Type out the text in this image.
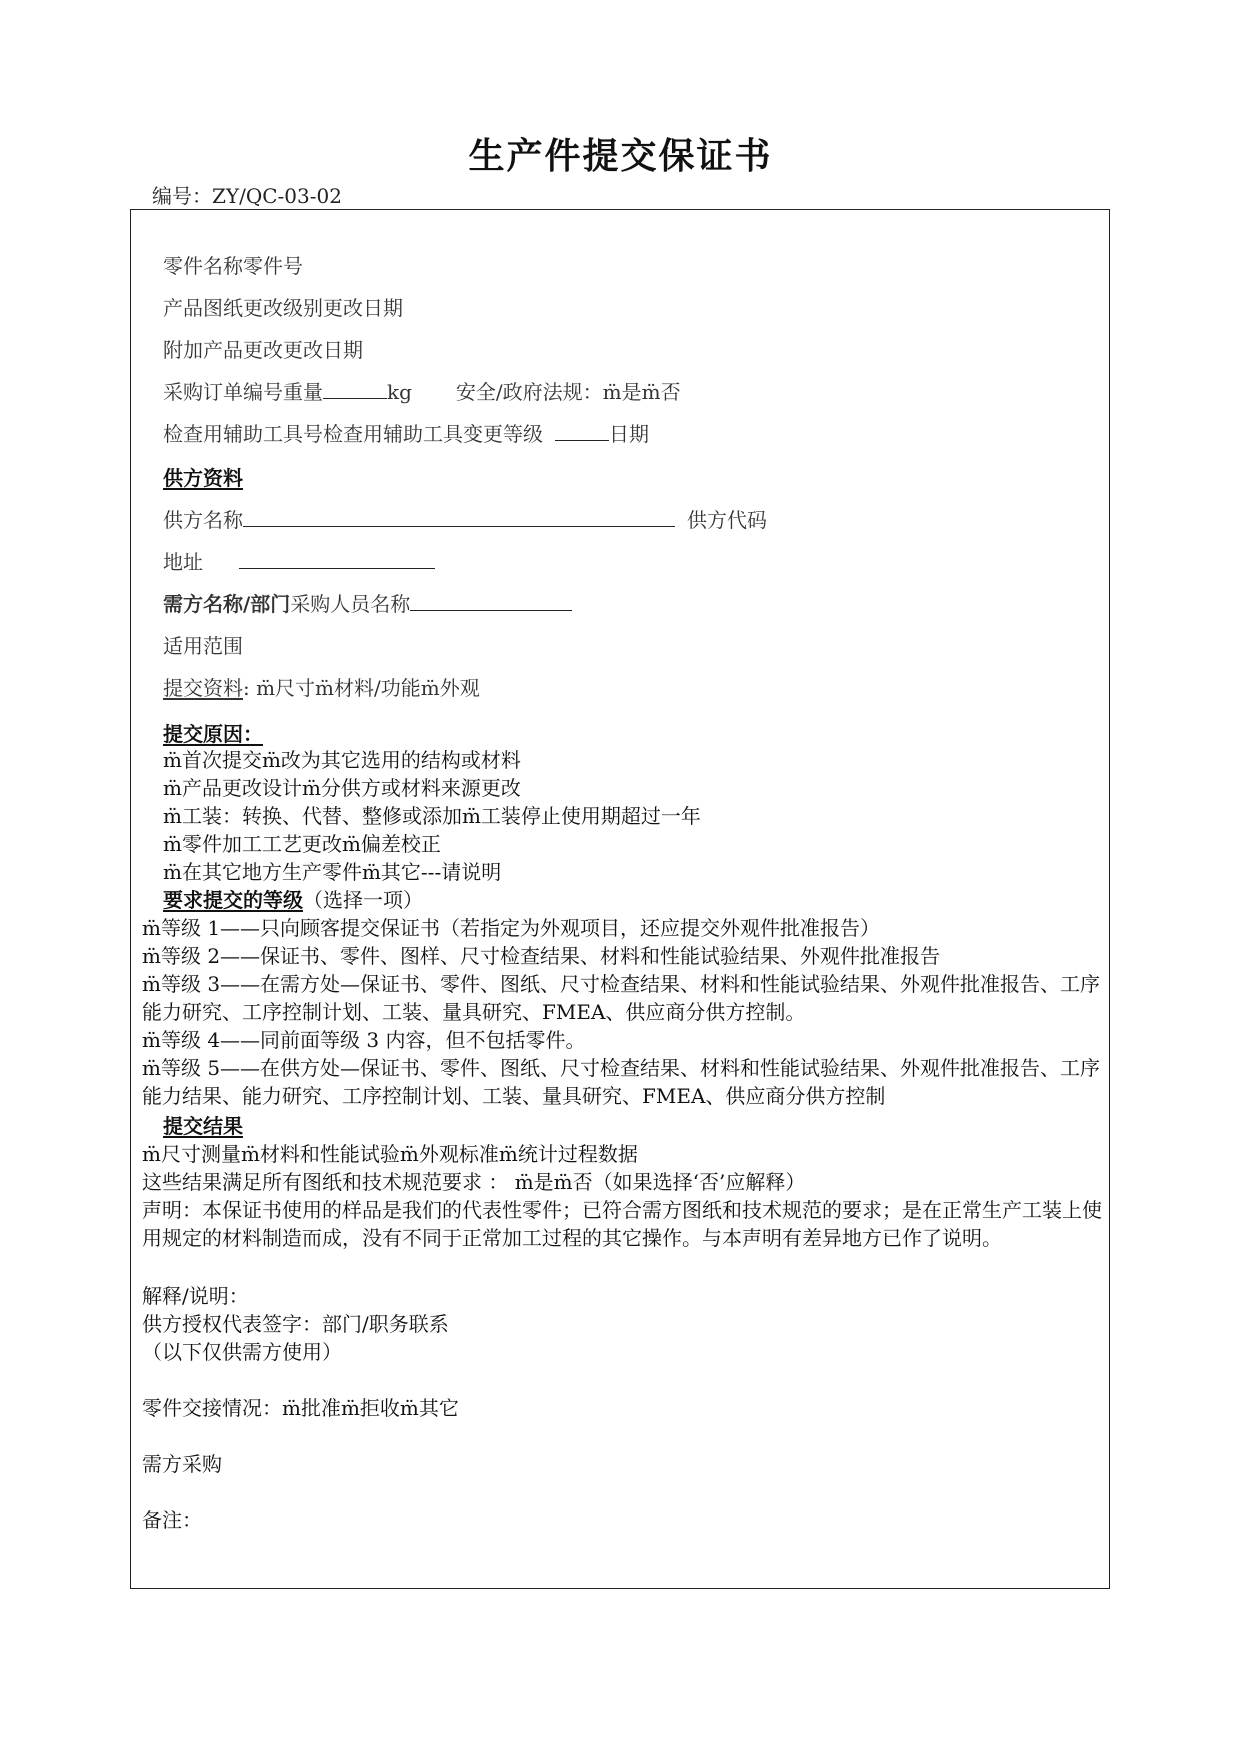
生产件提交保证书
编号：ZY/QC-03-02
零件名称零件号
产品图纸更改级别更改日期
附加产品更改更改日期
采购订单编号重量	kg 安全/政府法规：m̈是m̈否
检查用辅助工具号检查用辅助工具变更等级	日期
供方资料
供方名称	供方代码
地址
需方名称/部门采购人员名称
适用范围
提交资料: m̈尺寸m̈材料/功能m̈外观
提交原因：
m̈首次提交m̈改为其它选用的结构或材料
m̈产品更改设计m̈分供方或材料来源更改
m̈工装：转换、代替、整修或添加m̈工装停止使用期超过一年
m̈零件加工工艺更改m̈偏差校正
m̈在其它地方生产零件m̈其它---请说明
要求提交的等级（选择一项）
m̈等级 1——只向顾客提交保证书（若指定为外观项目，还应提交外观件批准报告）
m̈等级 2——保证书、零件、图样、尺寸检查结果、材料和性能试验结果、外观件批准报告
m̈等级 3——在需方处—保证书、零件、图纸、尺寸检查结果、材料和性能试验结果、外观件批准报告、工序能力研究、工序控制计划、工装、量具研究、FMEA、供应商分供方控制。
m̈等级 4——同前面等级 3 内容，但不包括零件。
m̈等级 5——在供方处—保证书、零件、图纸、尺寸检查结果、材料和性能试验结果、外观件批准报告、工序能力结果、能力研究、工序控制计划、工装、量具研究、FMEA、供应商分供方控制
提交结果
m̈尺寸测量m̈材料和性能试验m̈外观标准m̈统计过程数据
这些结果满足所有图纸和技术规范要求 ： m̈是m̈否（如果选择‘否’应解释）
声明：本保证书使用的样品是我们的代表性零件；已符合需方图纸和技术规范的要求；是在正常生产工装上使用规定的材料制造而成，没有不同于正常加工过程的其它操作。与本声明有差异地方已作了说明。
解释/说明：
供方授权代表签字：部门/职务联系
（以下仅供需方使用）
零件交接情况：m̈批准m̈拒收m̈其它
需方采购
备注：
